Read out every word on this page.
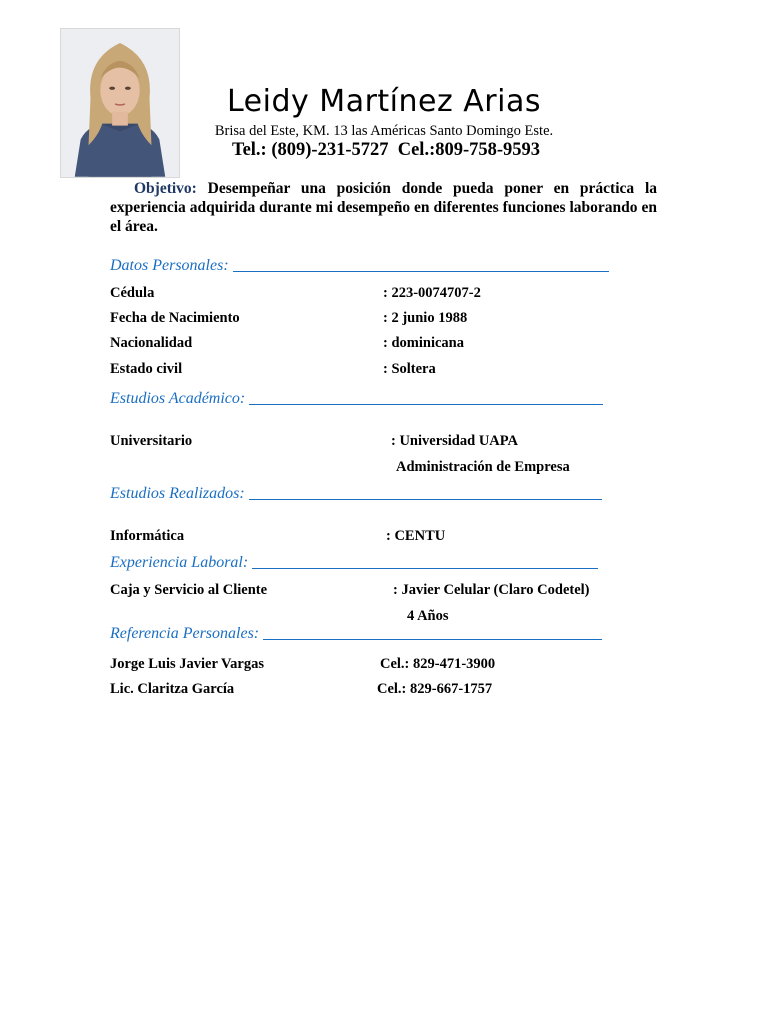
Leidy Martínez Arias
Brisa del Este, KM. 13 las Américas Santo Domingo Este.
Tel.: (809)-231-5727  Cel.:809-758-9593
Objetivo: Desempeñar una posición donde pueda poner en práctica la experiencia adquirida durante mi desempeño en diferentes funciones laborando en el área.
Datos Personales:
Cédula	: 223-0074707-2
Fecha de Nacimiento	: 2 junio 1988
Nacionalidad	: dominicana
Estado civil	: Soltera
Estudios Académico:
Universitario	: Universidad UAPA
Administración de Empresa
Estudios Realizados:
Informática	: CENTU
Experiencia Laboral:
Caja y Servicio al Cliente	: Javier Celular (Claro Codetel)
4 Años
Referencia Personales:
Jorge Luis Javier Vargas	Cel.: 829-471-3900
Lic. Claritza García	Cel.: 829-667-1757
